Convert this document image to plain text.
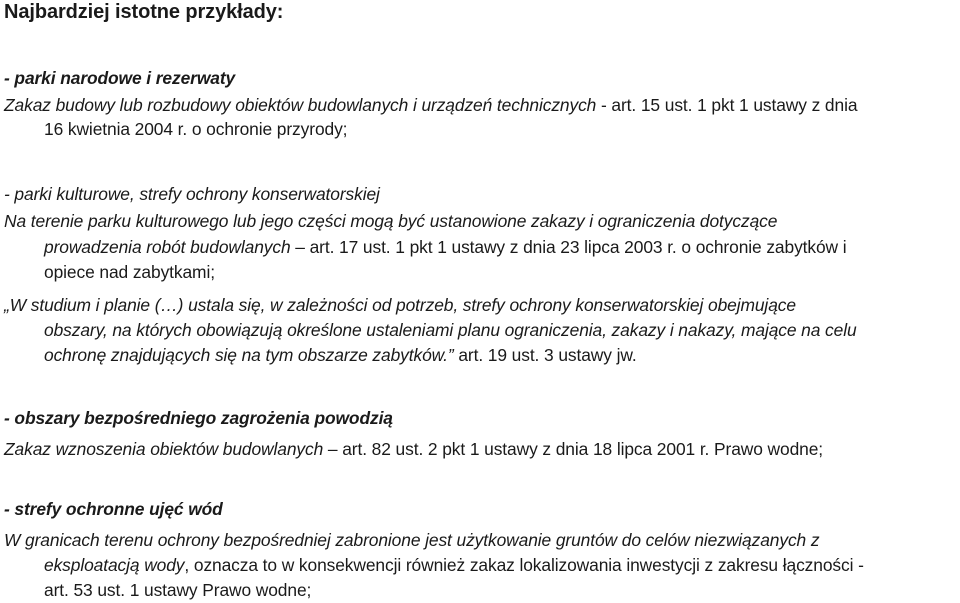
Najbardziej istotne przykłady:
- parki narodowe i rezerwaty
Zakaz budowy lub rozbudowy obiektów budowlanych i urządzeń technicznych - art. 15 ust. 1 pkt 1 ustawy z dnia
16 kwietnia 2004 r. o ochronie przyrody;
- parki kulturowe, strefy ochrony konserwatorskiej
Na terenie parku kulturowego lub jego części mogą być ustanowione zakazy i ograniczenia dotyczące
prowadzenia robót budowlanych – art. 17 ust. 1 pkt 1 ustawy z dnia 23 lipca 2003 r. o ochronie zabytków i
opiece nad zabytkami;
„W studium i planie (…) ustala się, w zależności od potrzeb, strefy ochrony konserwatorskiej obejmujące
obszary, na których obowiązują określone ustaleniami planu ograniczenia, zakazy i nakazy, mające na celu
ochronę znajdujących się na tym obszarze zabytków.” art. 19 ust. 3 ustawy jw.
- obszary bezpośredniego zagrożenia powodzią
Zakaz wznoszenia obiektów budowlanych – art. 82 ust. 2 pkt 1 ustawy z dnia 18 lipca 2001 r. Prawo wodne;
- strefy ochronne ujęć wód
W granicach terenu ochrony bezpośredniej zabronione jest użytkowanie gruntów do celów niezwiązanych z
eksploatacją wody, oznacza to w konsekwencji również zakaz lokalizowania inwestycji z zakresu łączności -
art. 53 ust. 1 ustawy Prawo wodne;
